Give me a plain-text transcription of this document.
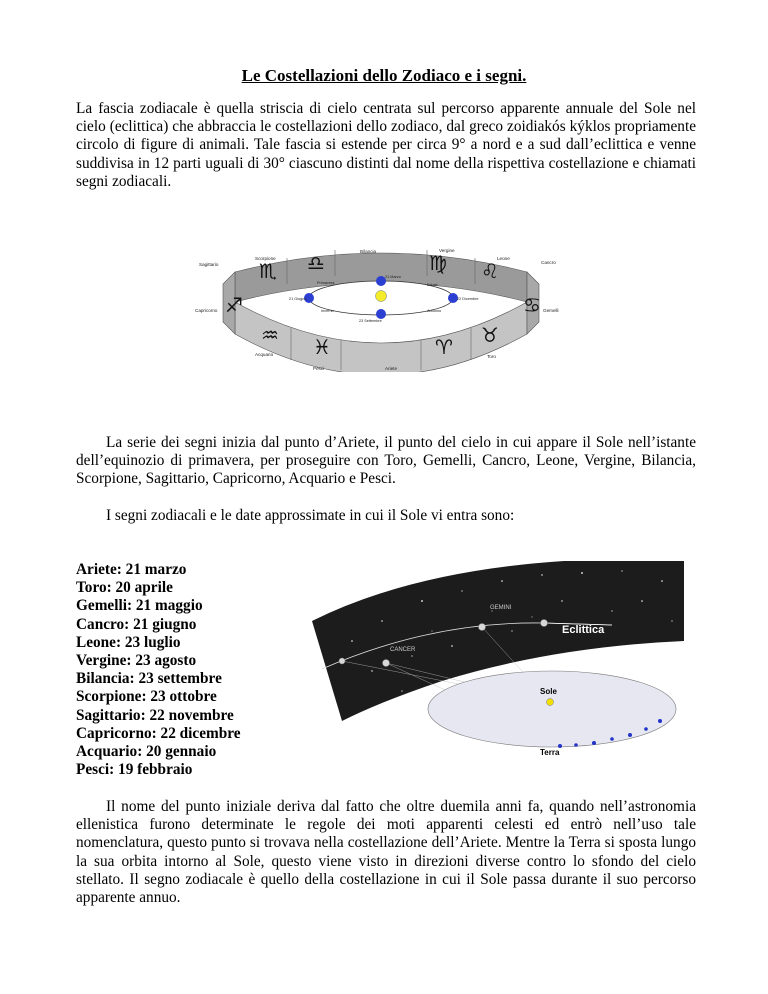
Le Costellazioni dello Zodiaco e i segni.

La fascia zodiacale è quella striscia di cielo centrata sul percorso apparente annuale del Sole nel cielo (eclittica) che abbraccia le costellazioni dello zodiaco, dal greco zoidiakós kýklos propriamente circolo di figure di animali. Tale fascia si estende per circa 9° a nord e a sud dall’eclittica e venne suddivisa in 12 parti uguali di 30° ciascuno distinti dal nome della rispettiva costellazione e chiamati segni zodiacali.

♏ ♎	♍ ♌
♐	♋
♒
♓	♈
♉
Bilancia	Vergine
Leone
Scorpione
Sagittario	Cancro
Capricorno	Gemelli
Acquario
Pesci	Ariete
Toro
21 Marzo
Primavera	Estate
21 Giugno	22 Dicembre
Inverno	Autunno
23 Settembre

La serie dei segni inizia dal punto d’Ariete, il punto del cielo in cui appare il Sole nell’istante dell’equinozio di primavera, per proseguire con Toro, Gemelli, Cancro, Leone, Vergine, Bilancia, Scorpione, Sagittario, Capricorno, Acquario e Pesci.

I segni zodiacali e le date approssimate in cui il Sole vi entra sono:

Ariete: 21 marzo
Toro: 20 aprile
Gemelli: 21 maggio
Cancro: 21 giugno
Leone: 23 luglio
Vergine: 23 agosto
Bilancia: 23 settembre
Scorpione: 23 ottobre
Sagittario: 22 novembre
Capricorno: 22 dicembre
Acquario: 20 gennaio
Pesci: 19 febbraio
GEMINI
CANCER
Eclittica
Sole
Terra

Il nome del punto iniziale deriva dal fatto che oltre duemila anni fa, quando nell’astronomia ellenistica furono determinate le regole dei moti apparenti celesti ed entrò nell’uso tale nomenclatura, questo punto si trovava nella costellazione dell’Ariete. Mentre la Terra si sposta lungo la sua orbita intorno al Sole, questo viene visto in direzioni diverse contro lo sfondo del cielo stellato. Il segno zodiacale è quello della costellazione in cui il Sole passa durante il suo percorso apparente annuo.
